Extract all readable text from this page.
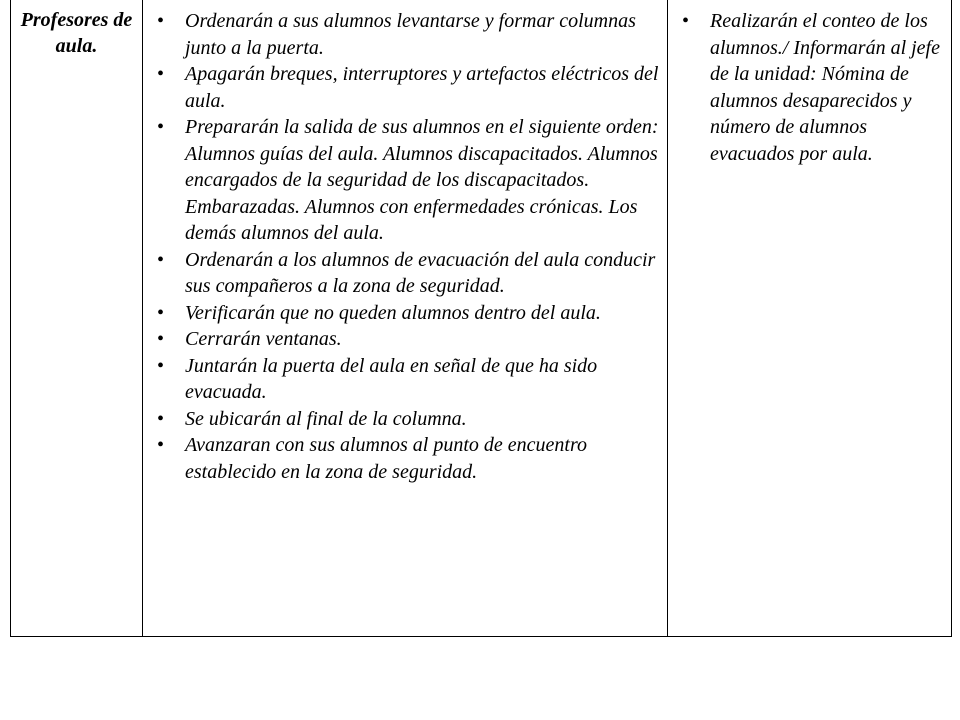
Profesores de aula.

• Ordenarán a sus alumnos levantarse y formar columnas junto a la puerta.
• Apagarán breques, interruptores y artefactos eléctricos del aula.
• Prepararán la salida de sus alumnos en el siguiente orden: Alumnos guías del aula. Alumnos discapacitados. Alumnos encargados de la seguridad de los discapacitados. Embarazadas. Alumnos con enfermedades crónicas. Los demás alumnos del aula.
• Ordenarán a los alumnos de evacuación del aula conducir sus compañeros a la zona de seguridad.
• Verificarán que no queden alumnos dentro del aula.
• Cerrarán ventanas.
• Juntarán la puerta del aula en señal de que ha sido evacuada.
• Se ubicarán al final de la columna.
• Avanzaran con sus alumnos al punto de encuentro establecido en la zona de seguridad.

• Realizarán el conteo de los alumnos./ Informarán al jefe de la unidad: Nómina de alumnos desaparecidos y número de alumnos evacuados por aula.
